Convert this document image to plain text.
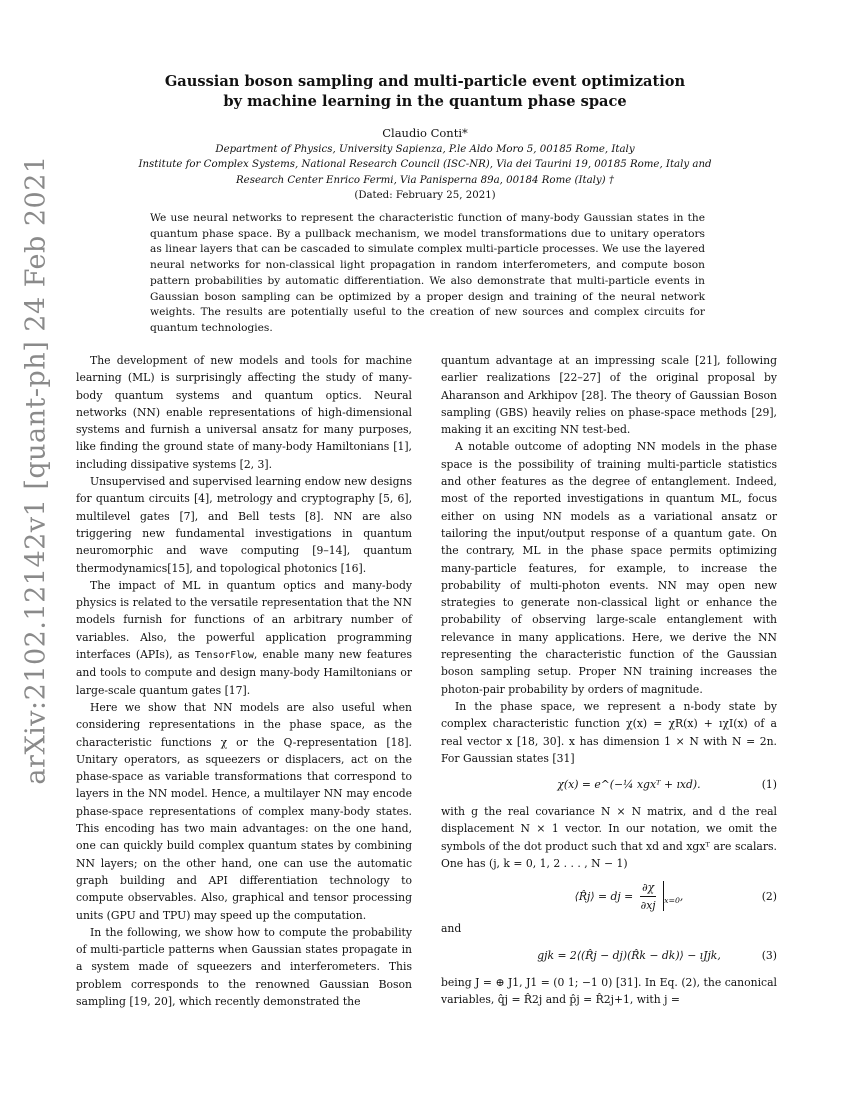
arXiv:2102.12142v1 [quant-ph] 24 Feb 2021
Gaussian boson sampling and multi-particle event optimization
by machine learning in the quantum phase space
Claudio Conti*
Department of Physics, University Sapienza, P.le Aldo Moro 5, 00185 Rome, Italy
Institute for Complex Systems, National Research Council (ISC-NR), Via dei Taurini 19, 00185 Rome, Italy and
Research Center Enrico Fermi, Via Panisperna 89a, 00184 Rome (Italy) †
(Dated: February 25, 2021)
We use neural networks to represent the characteristic function of many-body Gaussian states in the quantum phase space. By a pullback mechanism, we model transformations due to unitary operators as linear layers that can be cascaded to simulate complex multi-particle processes. We use the layered neural networks for non-classical light propagation in random interferometers, and compute boson pattern probabilities by automatic differentiation. We also demonstrate that multi-particle events in Gaussian boson sampling can be optimized by a proper design and training of the neural network weights. The results are potentially useful to the creation of new sources and complex circuits for quantum technologies.

The development of new models and tools for machine learning (ML) is surprisingly affecting the study of many-body quantum systems and quantum optics. Neural networks (NN) enable representations of high-dimensional systems and furnish a universal ansatz for many purposes, like finding the ground state of many-body Hamiltonians [1], including dissipative systems [2, 3].

Unsupervised and supervised learning endow new designs for quantum circuits [4], metrology and cryptography [5, 6], multilevel gates [7], and Bell tests [8]. NN are also triggering new fundamental investigations in quantum neuromorphic and wave computing [9–14], quantum thermodynamics[15], and topological photonics [16].

The impact of ML in quantum optics and many-body physics is related to the versatile representation that the NN models furnish for functions of an arbitrary number of variables. Also, the powerful application programming interfaces (APIs), as TensorFlow, enable many new features and tools to compute and design many-body Hamiltonians or large-scale quantum gates [17].

Here we show that NN models are also useful when considering representations in the phase space, as the characteristic functions χ or the Q-representation [18]. Unitary operators, as squeezers or displacers, act on the phase-space as variable transformations that correspond to layers in the NN model. Hence, a multilayer NN may encode phase-space representations of complex many-body states. This encoding has two main advantages: on the one hand, one can quickly build complex quantum states by combining NN layers; on the other hand, one can use the automatic graph building and API differentiation technology to compute observables. Also, graphical and tensor processing units (GPU and TPU) may speed up the computation.

In the following, we show how to compute the probability of multi-particle patterns when Gaussian states propagate in a system made of squeezers and interferometers. This problem corresponds to the renowned Gaussian Boson sampling [19, 20], which recently demonstrated the

quantum advantage at an impressing scale [21], following earlier realizations [22–27] of the original proposal by Aharanson and Arkhipov [28]. The theory of Gaussian Boson sampling (GBS) heavily relies on phase-space methods [29], making it an exciting NN test-bed.

A notable outcome of adopting NN models in the phase space is the possibility of training multi-particle statistics and other features as the degree of entanglement. Indeed, most of the reported investigations in quantum ML, focus either on using NN models as a variational ansatz or tailoring the input/output response of a quantum gate. On the contrary, ML in the phase space permits optimizing many-particle features, for example, to increase the probability of multi-photon events. NN may open new strategies to generate non-classical light or enhance the probability of observing large-scale entanglement with relevance in many applications. Here, we derive the NN representing the characteristic function of the Gaussian boson sampling setup. Proper NN training increases the photon-pair probability by orders of magnitude.

In the phase space, we represent a n-body state by complex characteristic function χ(x) = χR(x) + ıχI(x) of a real vector x [18, 30]. x has dimension 1 × N with N = 2n. For Gaussian states [31]

χ(x) = e^(−¼ xgxᵀ + ıxd).	(1)

with g the real covariance N × N matrix, and d the real displacement N × 1 vector. In our notation, we omit the symbols of the dot product such that xd and xgxᵀ are scalars. One has (j, k = 0, 1, 2 . . . , N − 1)

⟨R̂j⟩ = dj = $\frac{\partial\chi}{\partial xj} _{x=0}$,	(2)

and

gjk = 2⟨(R̂j − dj)(R̂k − dk)⟩ − ıJjk,	(3)

being J = ⊕ J1, J1 = (0 1; −1 0) [31]. In Eq. (2), the canonical variables, q̂j = R̂2j and p̂j = R̂2j+1, with j =
